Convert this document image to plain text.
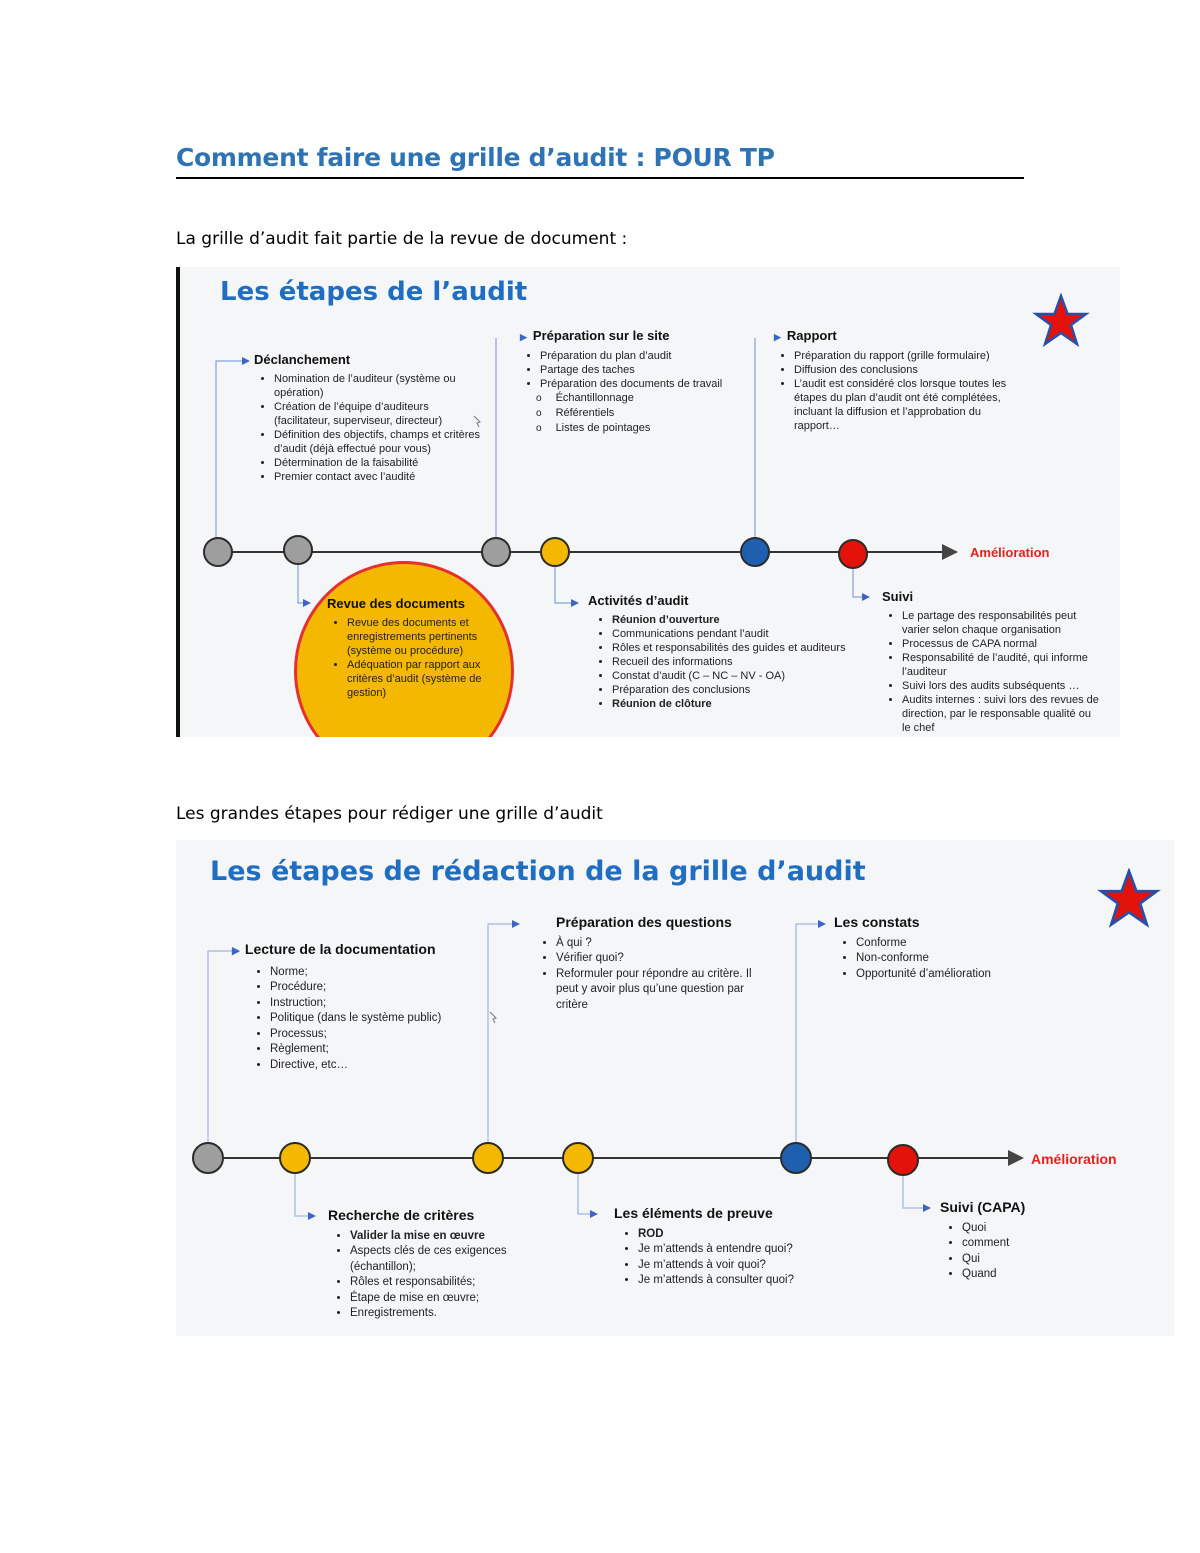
Comment faire une grille d’audit : POUR TP

La grille d’audit fait partie de la revue de document :

Les étapes de l’audit
Amélioration
Déclanchement
• Nomination de l’auditeur (système ou opération)
• Création de l’équipe d’auditeurs (facilitateur, superviseur, directeur)
• Définition des objectifs, champs et critères d’audit (déjà effectué pour vous)
• Détermination de la faisabilité
• Premier contact avec l’audité
▶ Préparation sur le site
• Préparation du plan d’audit
• Partage des taches
• Préparation des documents de travail
o Échantillonnage
o Référentiels
o Listes de pointages
▶ Rapport
• Préparation du rapport (grille formulaire)
• Diffusion des conclusions
• L’audit est considéré clos lorsque toutes les étapes du plan d’audit ont été complétées, incluant la diffusion et l’approbation du rapport…
Revue des documents
• Revue des documents et enregistrements pertinents (système ou procédure)
• Adéquation par rapport aux critères d’audit (système de gestion)
Activités d’audit
• Réunion d’ouverture
• Communications pendant l’audit
• Rôles et responsabilités des guides et auditeurs
• Recueil des informations
• Constat d’audit (C – NC – NV - OA)
• Préparation des conclusions
• Réunion de clôture
Suivi
• Le partage des responsabilités peut varier selon chaque organisation
• Processus de CAPA normal
• Responsabilité de l’audité, qui informe l’auditeur
• Suivi lors des audits subséquents …
• Audits internes : suivi lors des revues de direction, par le responsable qualité ou le chef

Les grandes étapes pour rédiger une grille d’audit

Les étapes de rédaction de la grille d’audit
Amélioration
▶ Lecture de la documentation
• Norme;
• Procédure;
• Instruction;
• Politique (dans le système public)
• Processus;
• Règlement;
• Directive, etc…
Préparation des questions
• À qui ?
• Vérifier quoi?
• Reformuler pour répondre au critère. Il peut y avoir plus qu’une question par critère
Les constats
• Conforme
• Non-conforme
• Opportunité d’amélioration
Recherche de critères
• Valider la mise en œuvre
• Aspects clés de ces exigences (échantillon);
• Rôles et responsabilités;
• Étape de mise en œuvre;
• Enregistrements.
Les éléments de preuve
• ROD
• Je m’attends à entendre quoi?
• Je m’attends à voir quoi?
• Je m’attends à consulter quoi?
Suivi (CAPA)
• Quoi
• comment
• Qui
• Quand
